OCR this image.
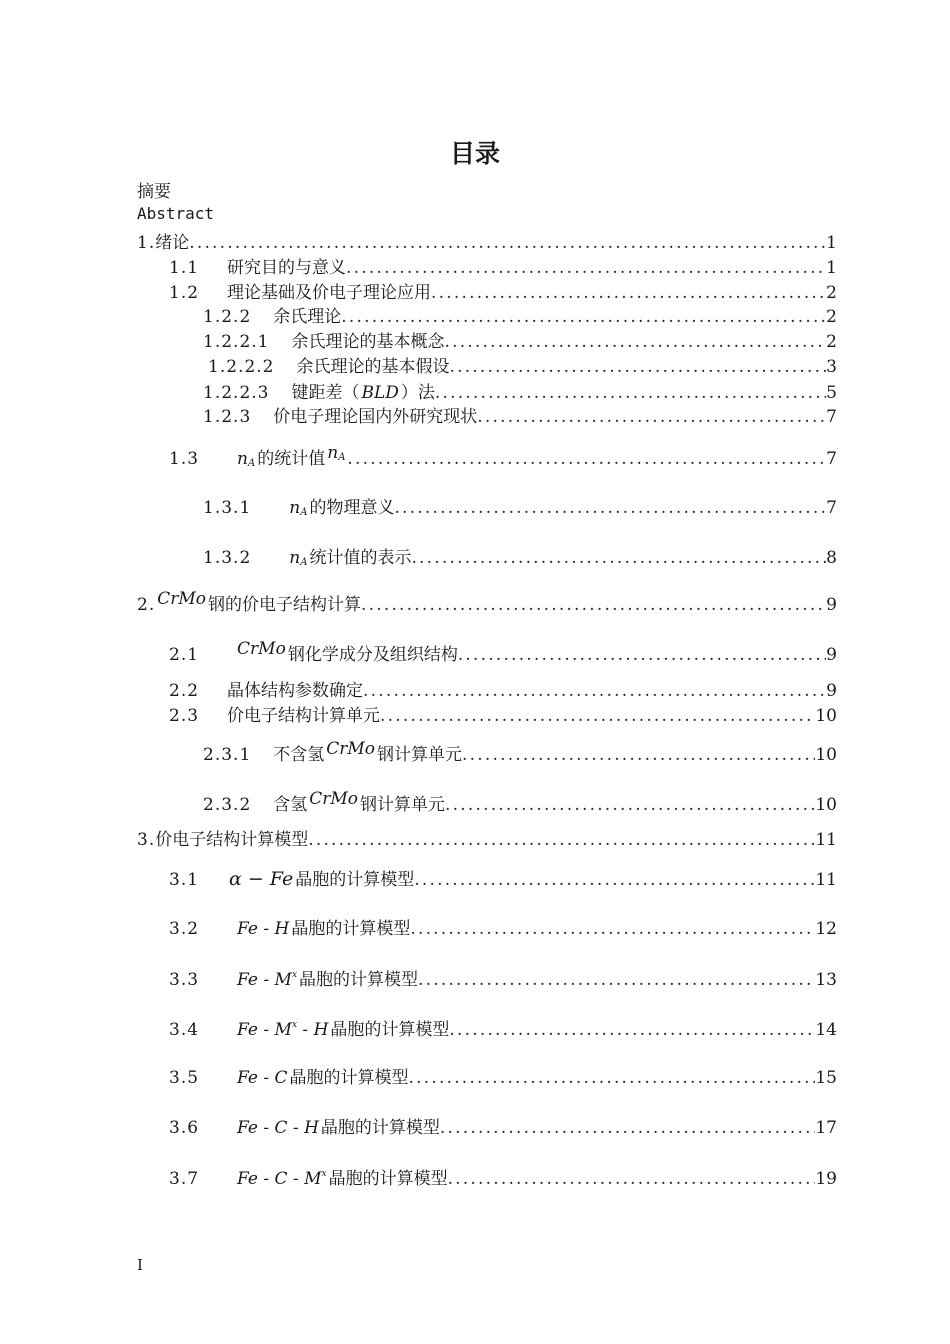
目录
摘要
Abstract
1. 绪论 . . .	1
1.1 研究目的与意义 . . .	1
1.2 理论基础及价电子理论应用 . . .	2
1.2.2 余氏理论 . . .	2
1.2.2.1 余氏理论的基本概念 . . .	2
1.2.2.2 余氏理论的基本假设 . . .	3
1.2.2.3 键距差（ BLD ）法 . . .	5
1.2.3 价电子理论国内外研究现状 . . .	7
1.3 $n_A$ 的统计值 $n_A$ . . .	7
1.3.1 $n_A$ 的物理意义 . . .	7
1.3.2 $n_A$ 统计值的表示 . . .	8
2. CrMo 钢的价电子结构计算 . . .	9
2.1 CrMo 钢化学成分及组织结构 . . .	9
2.2 晶体结构参数确定 . . .	9
2.3 价电子结构计算单元 . . .	10
2.3.1 不含氢 CrMo 钢计算单元 . . .	10
2.3.2 含氢 CrMo 钢计算单元 . . .	10
3. 价电子结构计算模型 . . .	11
3.1 α − Fe 晶胞的计算模型 . . .	11
3.2 Fe - H 晶胞的计算模型 . . .	12
3.3 Fe - $M^x$ 晶胞的计算模型 . . .	13
3.4 Fe - $M^x$ - H 晶胞的计算模型 . . .	14
3.5 Fe - C 晶胞的计算模型 . . .	15
3.6 Fe - C - H 晶胞的计算模型 . . .	17
3.7 Fe - C - $M^x$ 晶胞的计算模型 . . .	19
I
